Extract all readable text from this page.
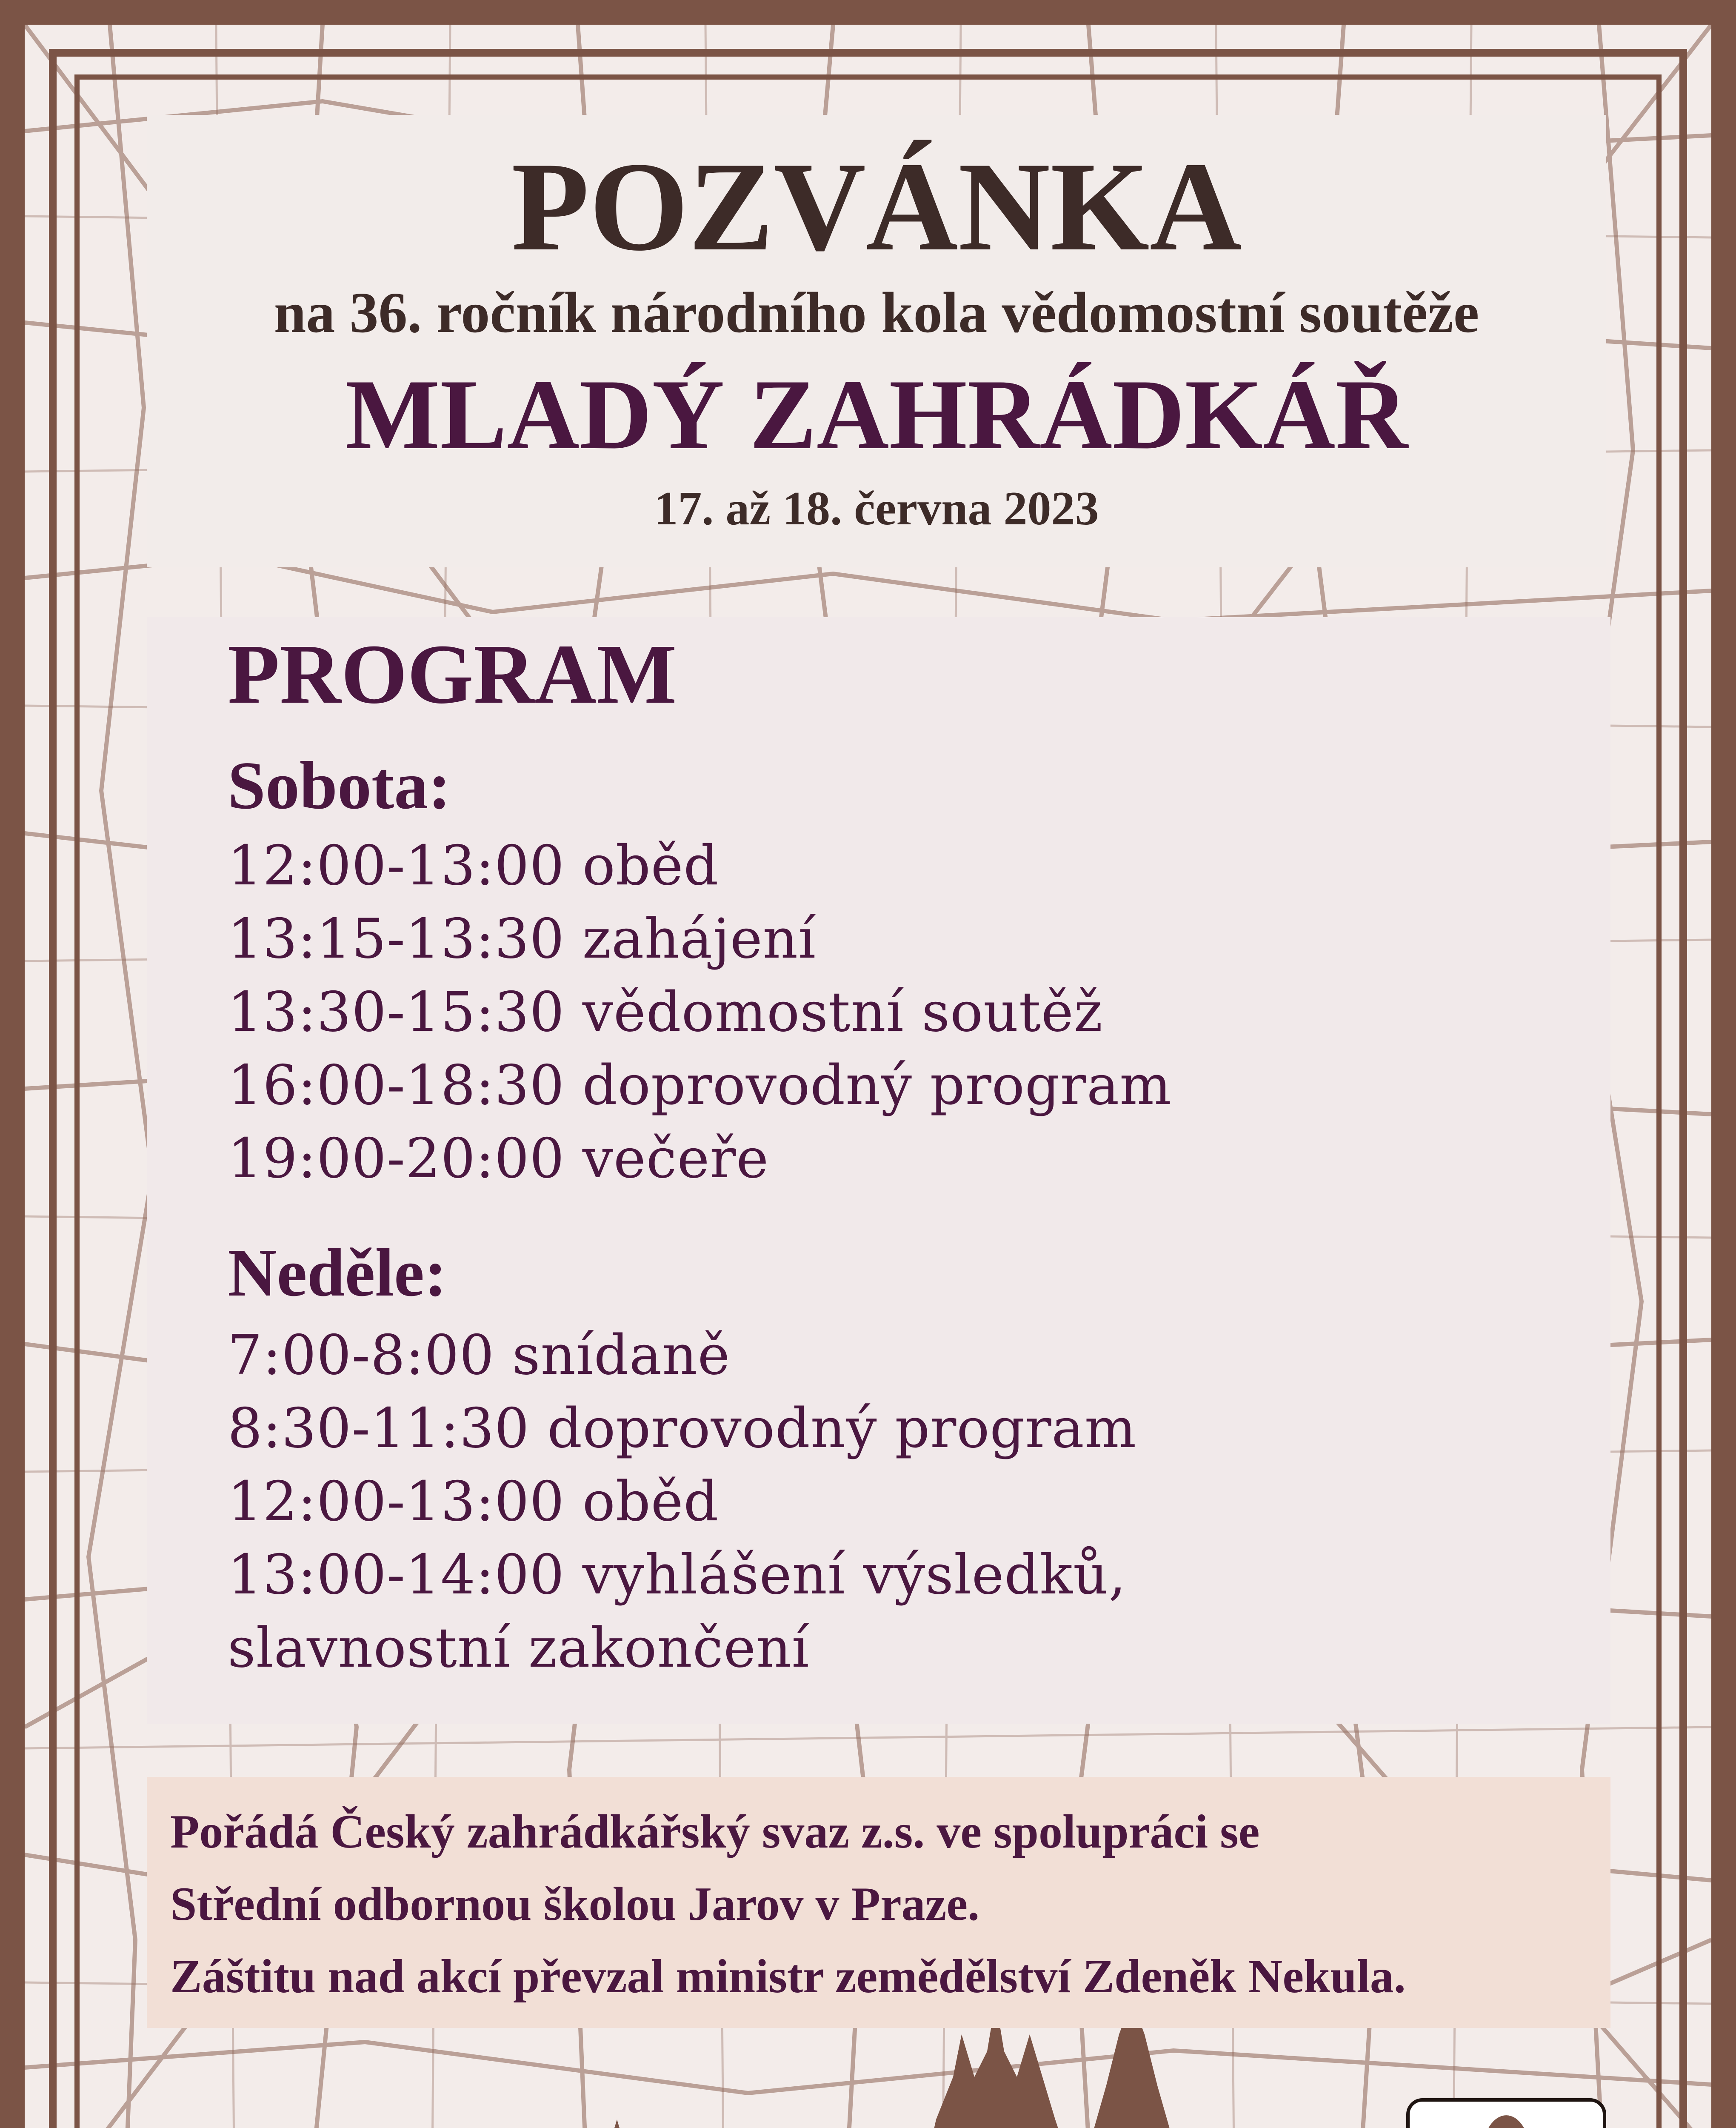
POZVÁNKA
na 36. ročník národního kola vědomostní soutěže
MLADÝ ZAHRÁDKÁŘ
17. až 18. června 2023
PROGRAM
Sobota:
12:00-13:00 oběd
13:15-13:30 zahájení
13:30-15:30 vědomostní soutěž
16:00-18:30 doprovodný program
19:00-20:00 večeře
Neděle:
7:00-8:00 snídaně
8:30-11:30 doprovodný program
12:00-13:00 oběd
13:00-14:00 vyhlášení výsledků,
slavnostní zakončení
Pořádá Český zahrádkářský svaz z.s. ve spolupráci se
Střední odbornou školou Jarov v Praze.
Záštitu nad akcí převzal ministr zemědělství Zdeněk Nekula.
